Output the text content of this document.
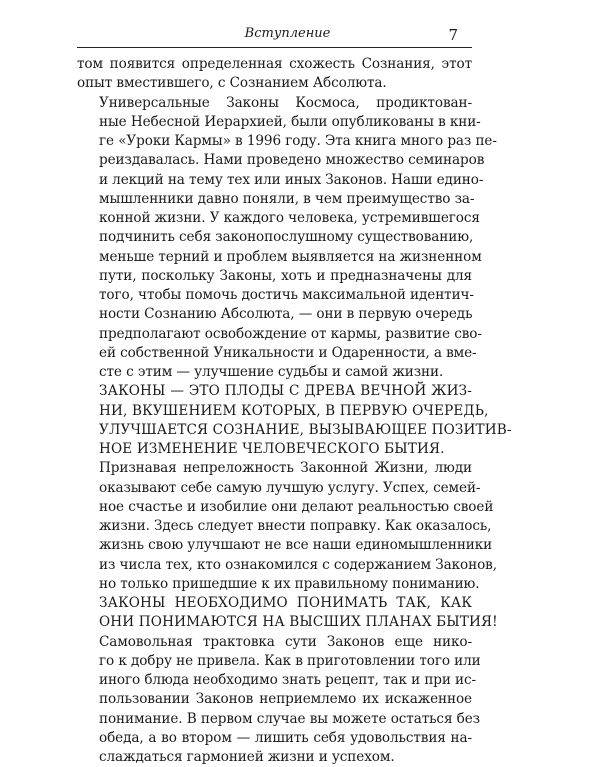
Вступление	7
том появится определенная схожесть Сознания, этот
опыт вместившего, с Сознанием Абсолюта.
Универсальные Законы Космоса, продиктован-
ные Небесной Иерархией, были опубликованы в кни-
ге «Уроки Кармы» в 1996 году. Эта книга много раз пе-
реиздавалась. Нами проведено множество семинаров
и лекций на тему тех или иных Законов. Наши едино-
мышленники давно поняли, в чем преимущество за-
конной жизни. У каждого человека, устремившегося
подчинить себя законопослушному существованию,
меньше терний и проблем выявляется на жизненном
пути, поскольку Законы, хоть и предназначены для
того, чтобы помочь достичь максимальной идентич-
ности Сознанию Абсолюта, — они в первую очередь
предполагают освобождение от кармы, развитие сво-
ей собственной Уникальности и Одаренности, а вме-
сте с этим — улучшение судьбы и самой жизни.
ЗАКОНЫ — ЭТО ПЛОДЫ С ДРЕВА ВЕЧНОЙ ЖИЗ-
НИ, ВКУШЕНИЕМ КОТОРЫХ, В ПЕРВУЮ ОЧЕРЕДЬ,
УЛУЧШАЕТСЯ СОЗНАНИЕ, ВЫЗЫВАЮЩЕЕ ПОЗИТИВ-
НОЕ ИЗМЕНЕНИЕ ЧЕЛОВЕЧЕСКОГО БЫТИЯ.
Признавая непреложность Законной Жизни, люди
оказывают себе самую лучшую услугу. Успех, семей-
ное счастье и изобилие они делают реальностью своей
жизни. Здесь следует внести поправку. Как оказалось,
жизнь свою улучшают не все наши единомышленники
из числа тех, кто ознакомился с содержанием Законов,
но только пришедшие к их правильному пониманию.
ЗАКОНЫ НЕОБХОДИМО ПОНИМАТЬ ТАК, КАК
ОНИ ПОНИМАЮТСЯ НА ВЫСШИХ ПЛАНАХ БЫТИЯ!
Самовольная трактовка сути Законов еще нико-
го к добру не привела. Как в приготовлении того или
иного блюда необходимо знать рецепт, так и при ис-
пользовании Законов неприемлемо их искаженное
понимание. В первом случае вы можете остаться без
обеда, а во втором — лишить себя удовольствия на-
слаждаться гармонией жизни и успехом.
